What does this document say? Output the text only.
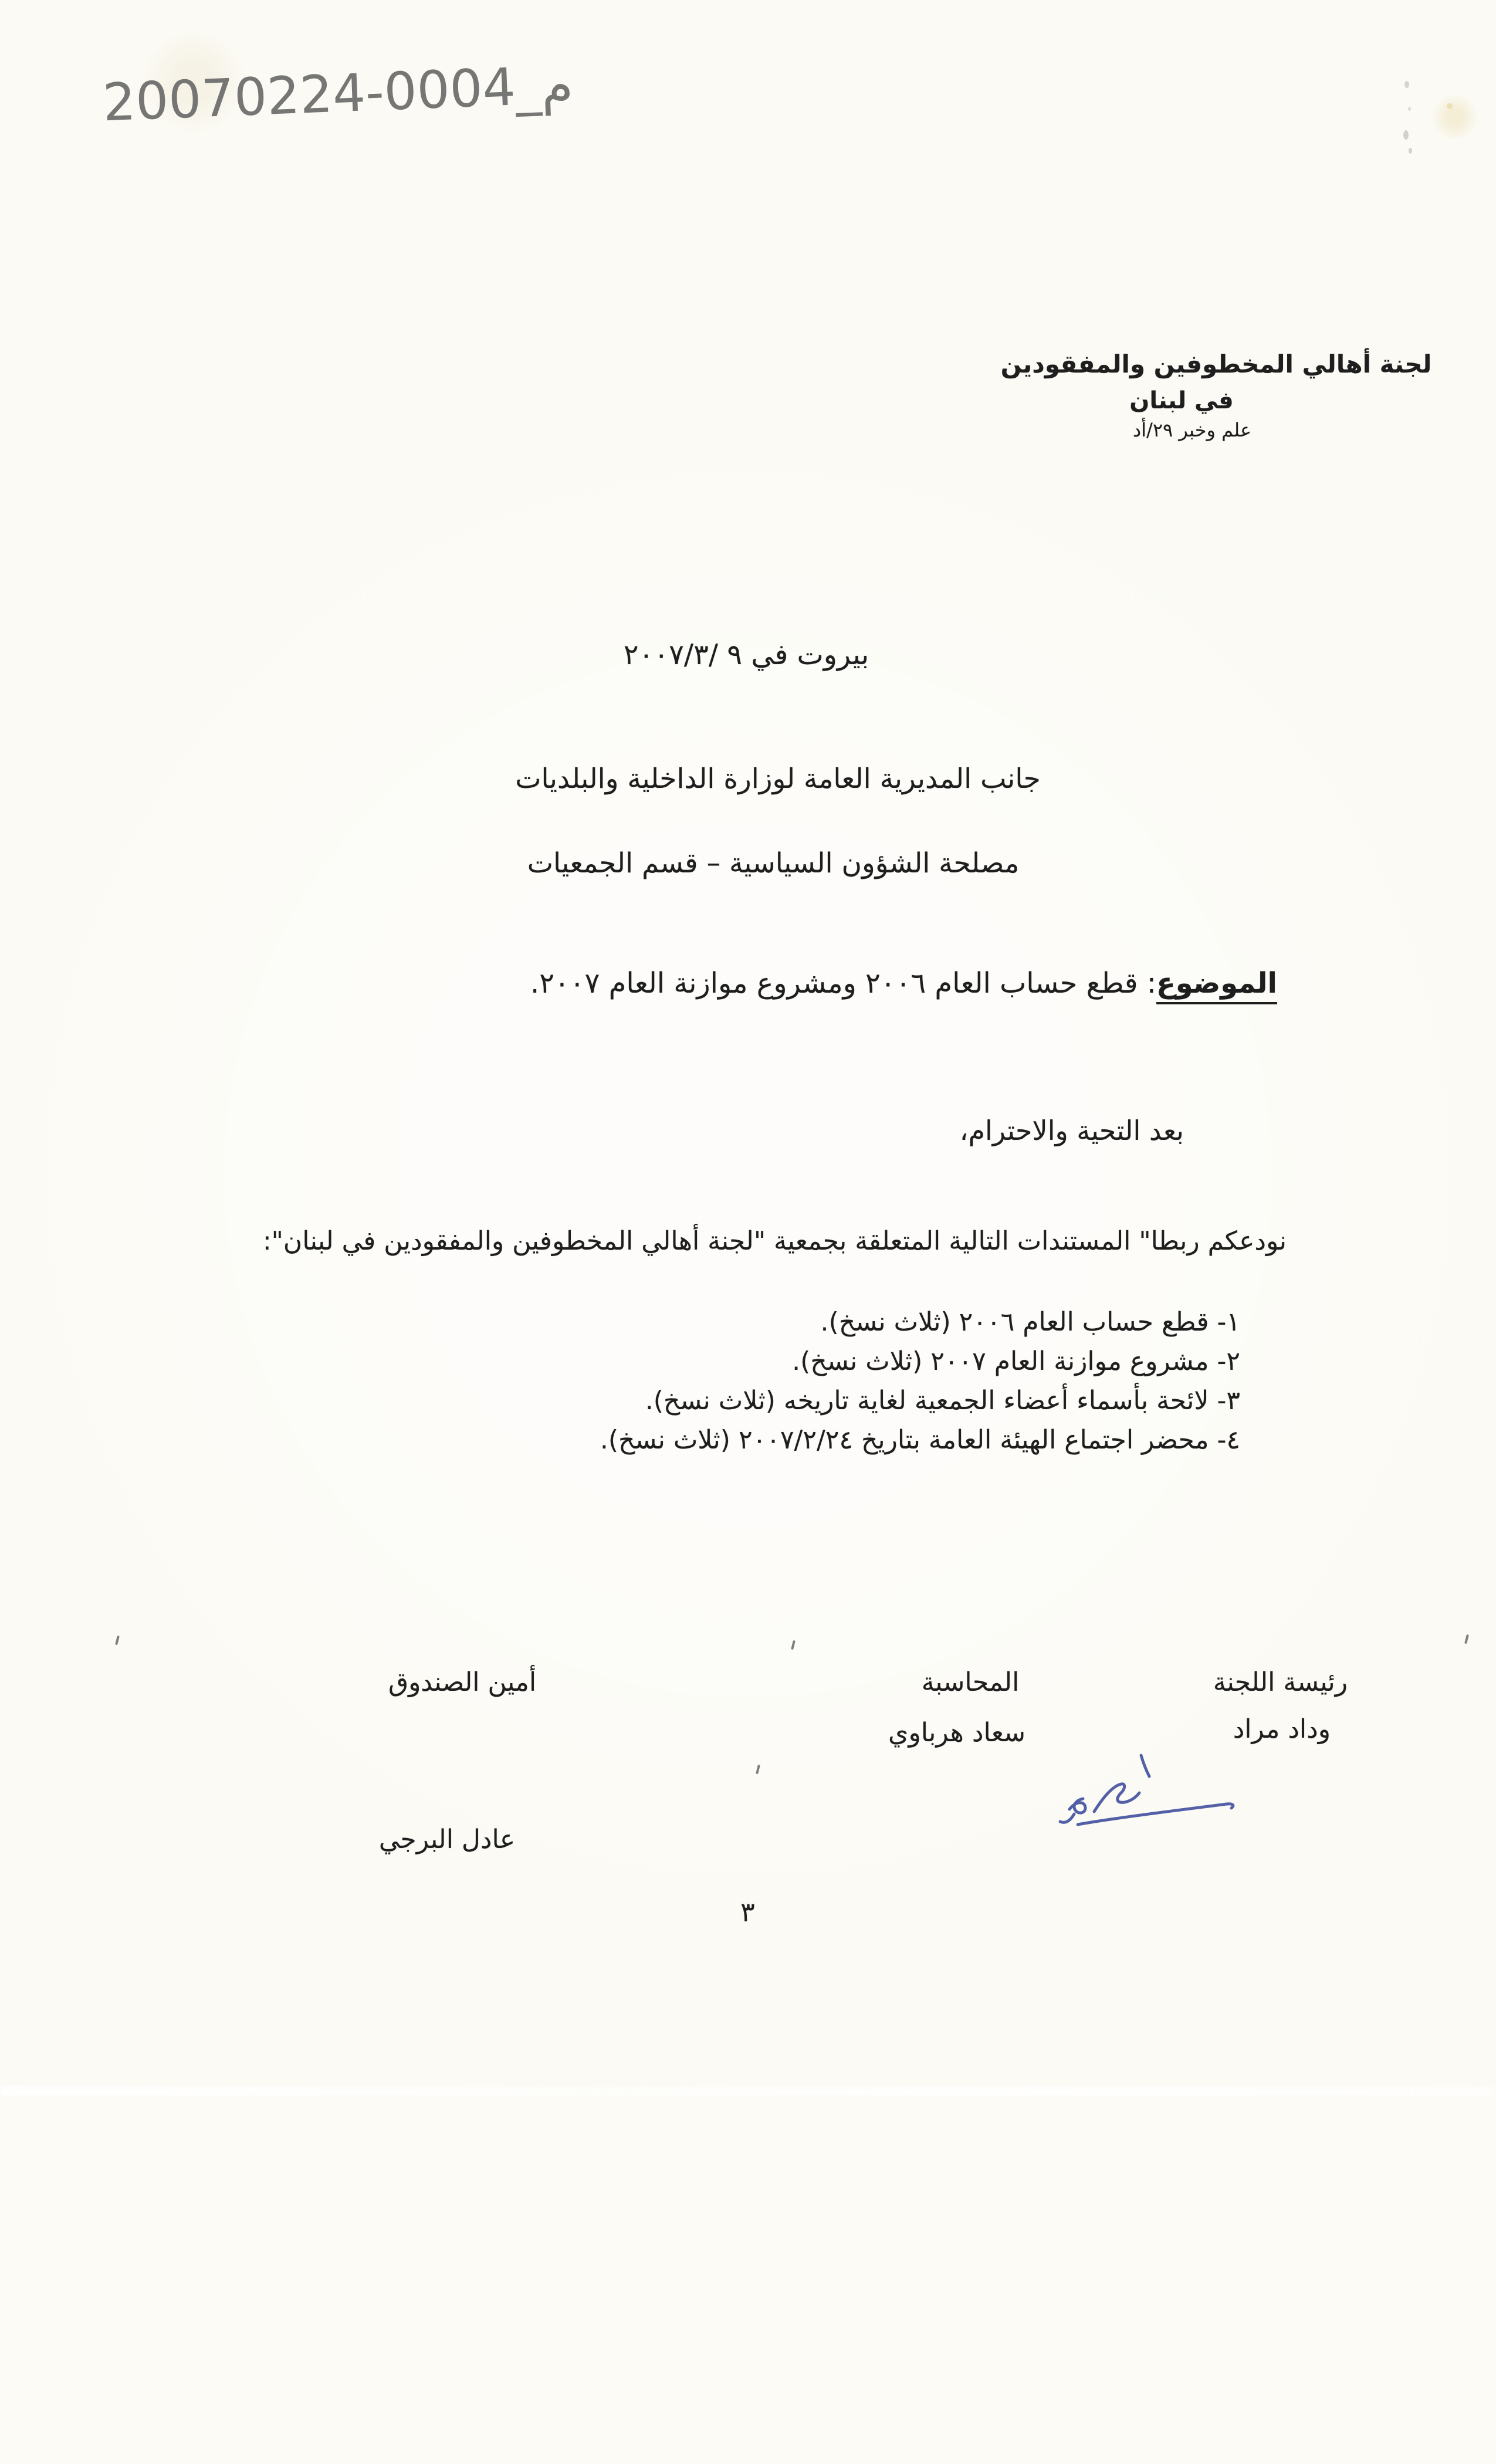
20070224-0004_م
لجنة أهالي المخطوفين والمفقودين
في لبنان
علم وخبر ٢٩/أد
بيروت في ٢٠٠٧/٣/ ٩
جانب المديرية العامة لوزارة الداخلية والبلديات
مصلحة الشؤون السياسية – قسم الجمعيات
الموضوع: قطع حساب العام ٢٠٠٦ ومشروع موازنة العام ٢٠٠٧.
بعد التحية والاحترام،
نودعكم ربطا" المستندات التالية المتعلقة بجمعية "لجنة أهالي المخطوفين والمفقودين في لبنان":
١- قطع حساب العام ٢٠٠٦ (ثلاث نسخ).
٢- مشروع موازنة العام ٢٠٠٧ (ثلاث نسخ).
٣- لائحة بأسماء أعضاء الجمعية لغاية تاريخه (ثلاث نسخ).
٤- محضر اجتماع الهيئة العامة بتاريخ ٢٠٠٧/٢/٢٤ (ثلاث نسخ).
رئيسة اللجنة
المحاسبة
أمين الصندوق
وداد مراد
سعاد هرباوي
عادل البرجي
٣
